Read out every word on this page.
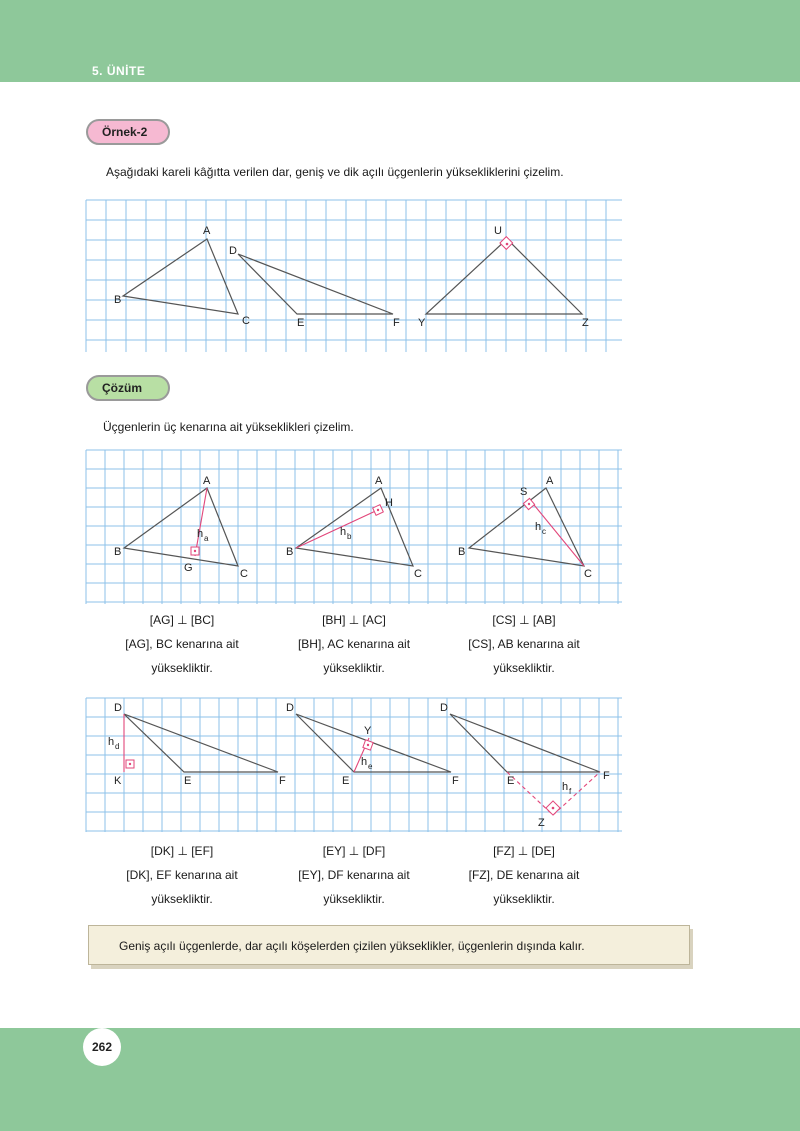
5. ÜNİTE
Örnek-2
Aşağıdaki kareli kâğıtta verilen dar, geniş ve dik açılı üçgenlerin yüksekliklerini çizelim.
A
B
C
D
E	F
U
Y	Z
A
B
C
G
h a
A
H
B
C
h b
A
S
B
C
h c
D
K	E	F
h d
D
Y
E	F
h e
D
E	F
Z
h f
Çözüm
Üçgenlerin üç kenarına ait yükseklikleri çizelim.
[AG] ⊥ [BC]
[AG], BC kenarına ait
yüksekliktir.
[BH] ⊥ [AC]
[BH], AC kenarına ait
yüksekliktir.
[CS] ⊥ [AB]
[CS], AB kenarına ait
yüksekliktir.
[DK] ⊥ [EF]
[DK], EF kenarına ait
yüksekliktir.
[EY] ⊥ [DF]
[EY], DF kenarına ait
yüksekliktir.
[FZ] ⊥ [DE]
[FZ], DE kenarına ait
yüksekliktir.
Geniş açılı üçgenlerde, dar açılı köşelerden çizilen yükseklikler, üçgenlerin dışında kalır.
262
